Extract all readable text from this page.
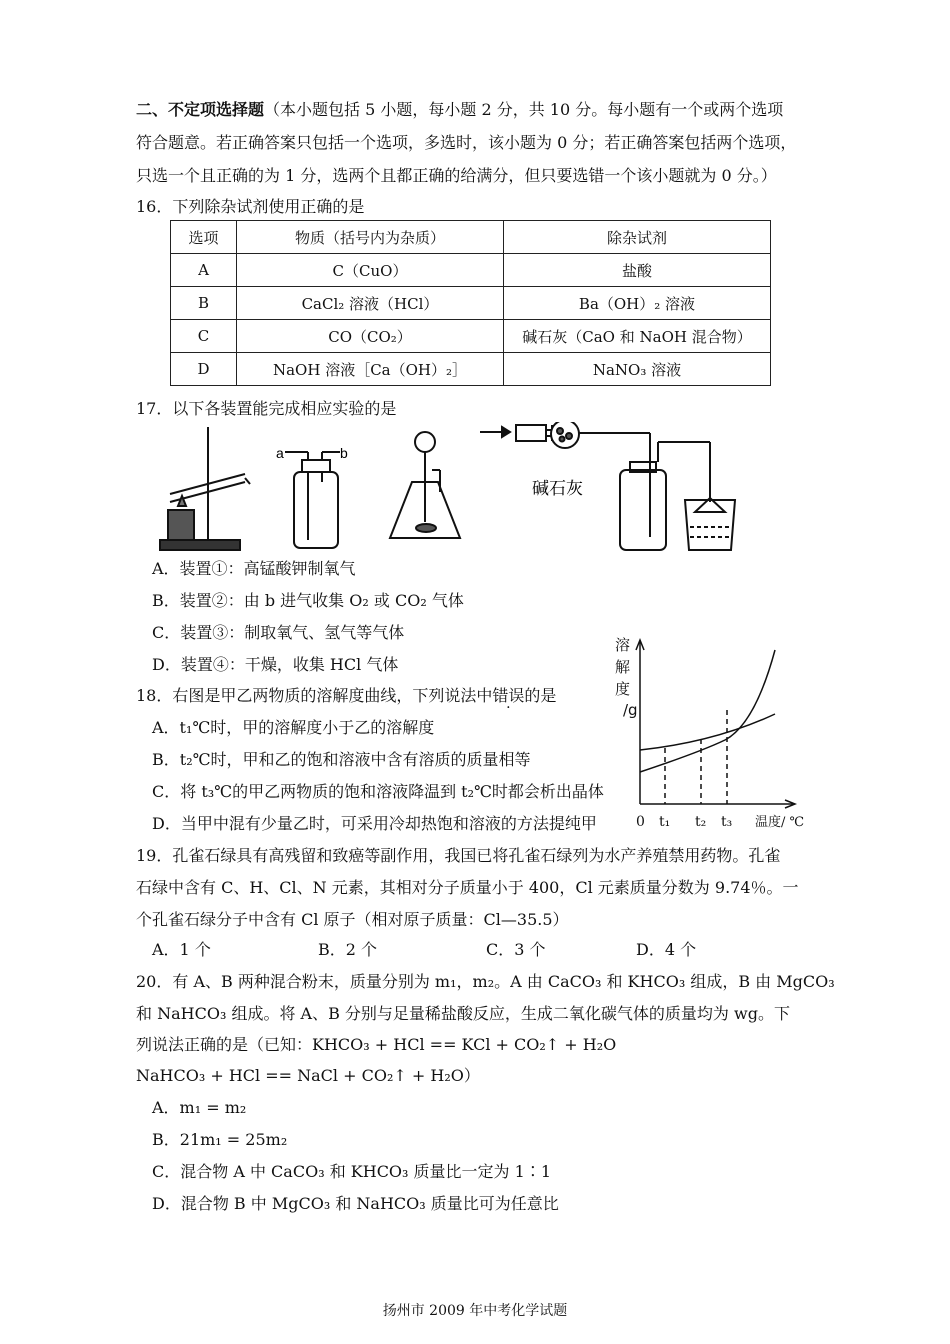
二、不定项选择题（本小题包括 5 小题，每小题 2 分，共 10 分。每小题有一个或两个选项
符合题意。若正确答案只包括一个选项，多选时，该小题为 0 分；若正确答案包括两个选项，
只选一个且正确的为 1 分，选两个且都正确的给满分，但只要选错一个该小题就为 0 分。）
16．下列除杂试剂使用正确的是
选项	物质（括号内为杂质）	除杂试剂
A	C（CuO）	盐酸
B	CaCl₂ 溶液（HCl）	Ba（OH）₂ 溶液
C	CO（CO₂）	碱石灰（CaO 和 NaOH 混合物）
D	NaOH 溶液［Ca（OH）₂］	NaNO₃ 溶液
17．以下各装置能完成相应实验的是
a	b
碱石灰
A．装置①：高锰酸钾制氧气
B．装置②：由 b 进气收集 O₂ 或 CO₂ 气体
C．装置③：制取氧气、氢气等气体
D．装置④：干燥，收集 HCl 气体
18．右图是甲乙两物质的溶解度曲线，下列说法中错误的是
A．t₁℃时，甲的溶解度小于乙的溶解度
B．t₂℃时，甲和乙的饱和溶液中含有溶质的质量相等
C．将 t₃℃的甲乙两物质的饱和溶液降温到 t₂℃时都会析出晶体
D．当甲中混有少量乙时，可采用冷却热饱和溶液的方法提纯甲
溶
解
度
/g
0 t₁ t₂ t₃ 温度/ ℃
19．孔雀石绿具有高残留和致癌等副作用，我国已将孔雀石绿列为水产养殖禁用药物。孔雀
石绿中含有 C、H、Cl、N 元素，其相对分子质量小于 400，Cl 元素质量分数为 9.74％。一
个孔雀石绿分子中含有 Cl 原子（相对原子质量：Cl—35.5）
A．1 个	B．2 个	C．3 个	D．4 个
20．有 A、B 两种混合粉末，质量分别为 m₁，m₂。A 由 CaCO₃ 和 KHCO₃ 组成，B 由 MgCO₃
和 NaHCO₃ 组成。将 A、B 分别与足量稀盐酸反应，生成二氧化碳气体的质量均为 wg。下
列说法正确的是（已知：KHCO₃ + HCl == KCl + CO₂↑ + H₂O
NaHCO₃ + HCl == NaCl + CO₂↑ + H₂O）
A．m₁ = m₂
B．21m₁ = 25m₂
C．混合物 A 中 CaCO₃ 和 KHCO₃ 质量比一定为 1∶1
D．混合物 B 中 MgCO₃ 和 NaHCO₃ 质量比可为任意比
扬州市 2009 年中考化学试题
